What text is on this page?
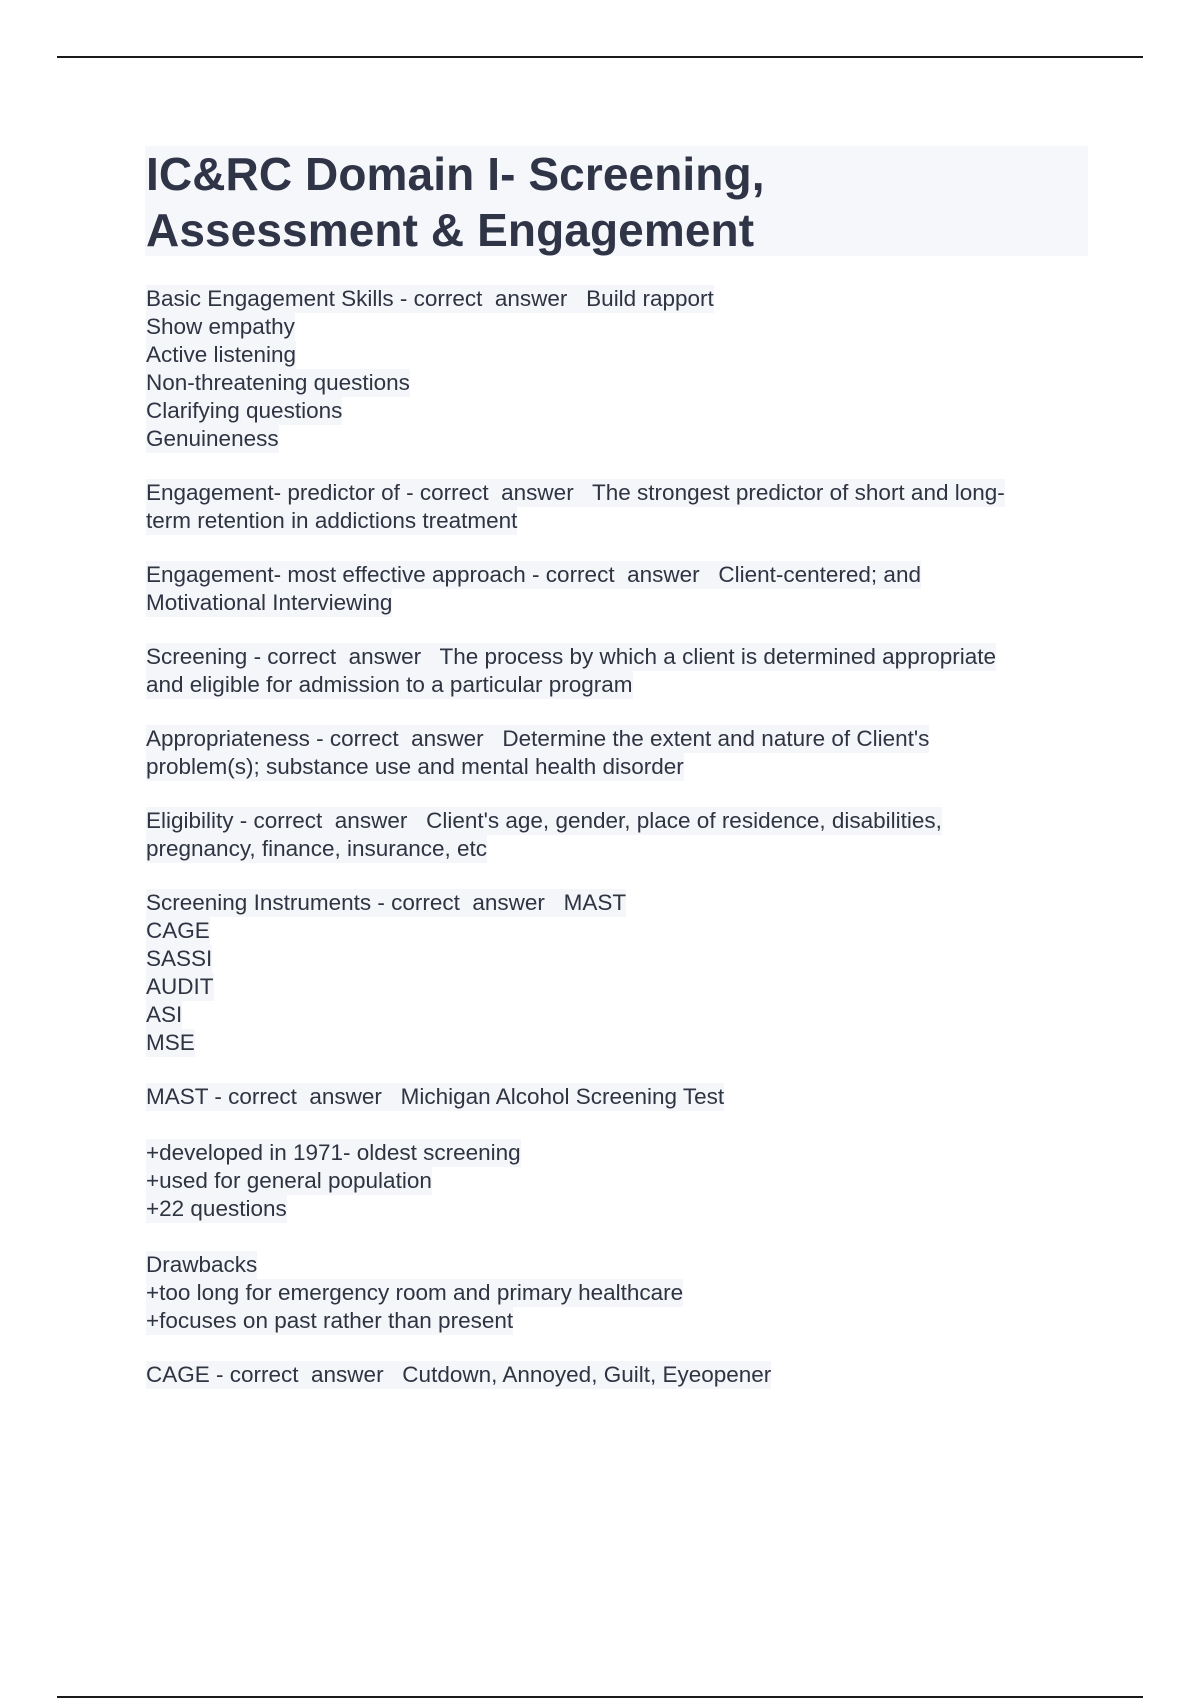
IC&RC Domain I- Screening,
Assessment & Engagement
Basic Engagement Skills - correct  answer   Build rapport
Show empathy
Active listening
Non-threatening questions
Clarifying questions
Genuineness
Engagement- predictor of - correct  answer   The strongest predictor of short and long-
term retention in addictions treatment
Engagement- most effective approach - correct  answer   Client-centered; and
Motivational Interviewing
Screening - correct  answer   The process by which a client is determined appropriate
and eligible for admission to a particular program
Appropriateness - correct  answer   Determine the extent and nature of Client's
problem(s); substance use and mental health disorder
Eligibility - correct  answer   Client's age, gender, place of residence, disabilities,
pregnancy, finance, insurance, etc
Screening Instruments - correct  answer   MAST
CAGE
SASSI
AUDIT
ASI
MSE
MAST - correct  answer   Michigan Alcohol Screening Test
+developed in 1971- oldest screening
+used for general population
+22 questions
Drawbacks
+too long for emergency room and primary healthcare
+focuses on past rather than present
CAGE - correct  answer   Cutdown, Annoyed, Guilt, Eyeopener
